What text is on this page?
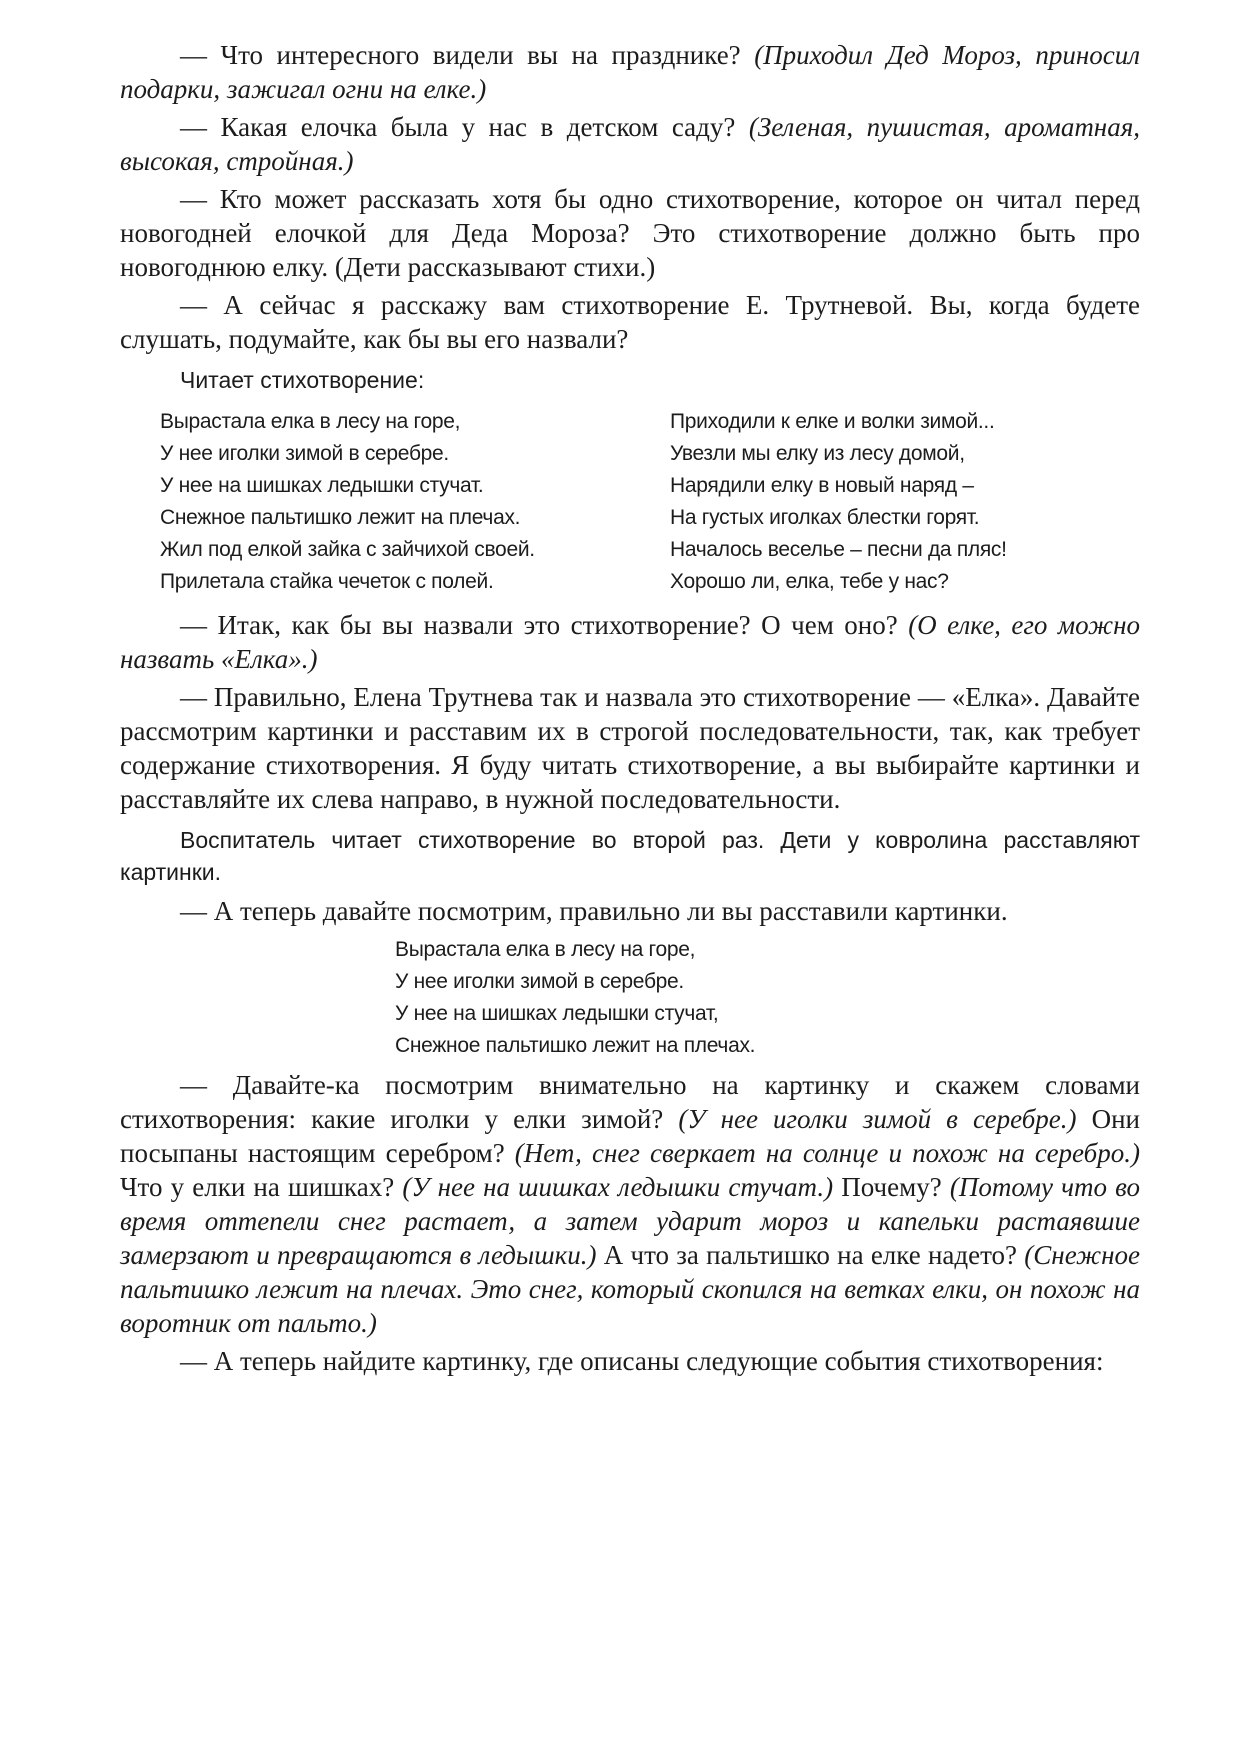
— Что интересного видели вы на празднике? (Приходил Дед Мороз, приносил подарки, зажигал огни на елке.)

— Какая елочка была у нас в детском саду? (Зеленая, пушистая, ароматная, высокая, стройная.)

— Кто может рассказать хотя бы одно стихотворение, которое он читал перед новогодней елочкой для Деда Мороза? Это стихотворение должно быть про новогоднюю елку. (Дети рассказывают стихи.)

— А сейчас я расскажу вам стихотворение Е. Трутневой. Вы, когда будете слушать, подумайте, как бы вы его назвали?

Читает стихотворение:
Вырастала елка в лесу на горе,
У нее иголки зимой в серебре.
У нее на шишках ледышки стучат.
Снежное пальтишко лежит на плечах.
Жил под елкой зайка с зайчихой своей.
Прилетала стайка чечеток с полей.
Приходили к елке и волки зимой...
Увезли мы елку из лесу домой,
Нарядили елку в новый наряд –
На густых иголках блестки горят.
Началось веселье – песни да пляс!
Хорошо ли, елка, тебе у нас?

— Итак, как бы вы назвали это стихотворение? О чем оно? (О елке, его можно назвать «Елка».)

— Правильно, Елена Трутнева так и назвала это стихотворение — «Елка». Давайте рассмотрим картинки и расставим их в строгой последовательности, так, как требует содержание стихотворения. Я буду читать стихотворение, а вы выбирайте картинки и расставляйте их слева направо, в нужной последовательности.

Воспитатель читает стихотворение во второй раз. Дети у ковролина расставляют картинки.

— А теперь давайте посмотрим, правильно ли вы расставили картинки.

Вырастала елка в лесу на горе,
У нее иголки зимой в серебре.
У нее на шишках ледышки стучат,
Снежное пальтишко лежит на плечах.

— Давайте-ка посмотрим внимательно на картинку и скажем словами стихотворения: какие иголки у елки зимой? (У нее иголки зимой в серебре.) Они посыпаны настоящим серебром? (Нет, снег сверкает на солнце и похож на серебро.) Что у елки на шишках? (У нее на шишках ледышки стучат.) Почему? (Потому что во время оттепели снег растает, а затем ударит мороз и капельки растаявшие замерзают и превращаются в ледышки.) А что за пальтишко на елке надето? (Снежное пальтишко лежит на плечах. Это снег, который скопился на ветках елки, он похож на воротник от пальто.)

— А теперь найдите картинку, где описаны следующие события стихотворения:
